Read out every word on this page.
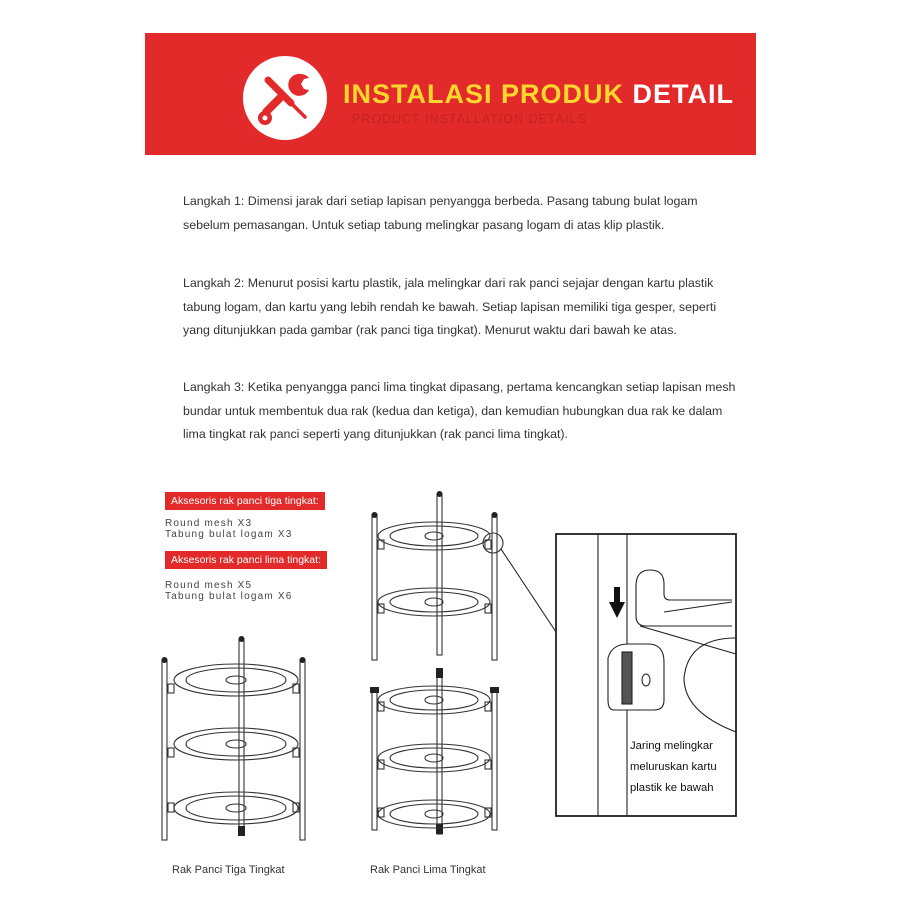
INSTALASI PRODUK DETAIL
PRODUCT INSTALLATION DETAILS
Langkah 1: Dimensi jarak dari setiap lapisan penyangga berbeda. Pasang tabung bulat logam sebelum pemasangan. Untuk setiap tabung melingkar pasang logam di atas klip plastik.
Langkah 2: Menurut posisi kartu plastik, jala melingkar dari rak panci sejajar dengan kartu plastik tabung logam, dan kartu yang lebih rendah ke bawah. Setiap lapisan memiliki tiga gesper, seperti yang ditunjukkan pada gambar (rak panci tiga tingkat). Menurut waktu dari bawah ke atas.
Langkah 3: Ketika penyangga panci lima tingkat dipasang, pertama kencangkan setiap lapisan mesh bundar untuk membentuk dua rak (kedua dan ketiga), dan kemudian hubungkan dua rak ke dalam lima tingkat rak panci seperti yang ditunjukkan (rak panci lima tingkat).
Aksesoris rak panci tiga tingkat:
Round mesh X3
Tabung bulat logam X3
Aksesoris rak panci lima tingkat:
Round mesh X5
Tabung bulat logam X6
Jaring melingkar
meluruskan kartu
plastik ke bawah
Rak Panci Tiga Tingkat	Rak Panci Lima Tingkat
